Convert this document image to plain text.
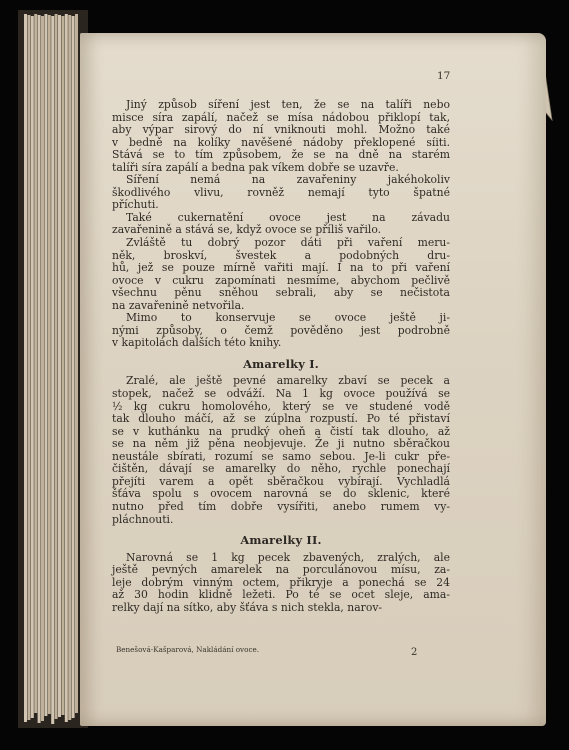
17
Jiný způsob síření jest ten, že se na talíři nebo
misce síra zapálí, načež se mísa nádobou přiklopí tak,
aby výpar sirový do ní vniknouti mohl. Možno také
v bedně na kolíky navěšené nádoby překlopené síiti.
Stává se to tím způsobem, že se na dně na starém
talíři síra zapálí a bedna pak víkem dobře se uzavře.
Síření nemá na zavařeniny jakéhokoliv
škodlivého vlivu, rovněž nemají tyto špatné
příchuti.
Také cukernatění ovoce jest na závadu
zavařenině a stává se, když ovoce se příliš vařilo.
Zvláště tu dobrý pozor dáti při vaření meru-
něk, broskví, švestek a podobných dru-
hů, jež se pouze mírně vařiti mají. I na to při vaření
ovoce v cukru zapomínati nesmíme, abychom pečlivě
všechnu pěnu sněhou sebrali, aby se nečistota
na zavařenině netvořila.
Mimo to konservuje se ovoce ještě ji-
nými způsoby, o čemž pověděno jest podrobně
v kapitolách dalších této knihy.
Amarelky I.
Zralé, ale ještě pevné amarelky zbaví se pecek a
stopek, načež se odváží. Na 1 kg ovoce používá se
½ kg cukru homolového, který se ve studené vodě
tak dlouho máčí, až se zúplna rozpustí. Po té přistaví
se v kuthánku na prudký oheň a čistí tak dlouho, až
se na něm již pěna neobjevuje. Že ji nutno sběračkou
neustále sbírati, rozumí se samo sebou. Je-li cukr pře-
čištěn, dávají se amarelky do něho, rychle ponechají
přejíti varem a opět sběračkou vybírají. Vychladlá
šťáva spolu s ovocem narovná se do sklenic, které
nutno před tím dobře vysířiti, anebo rumem vy-
pláchnouti.
Amarelky II.
Narovná se 1 kg pecek zbavených, zralých, ale
ještě pevných amarelek na porculánovou mísu, za-
leje dobrým vinným octem, přikryje a ponechá se 24
až 30 hodin klidně ležeti. Po té se ocet sleje, ama-
relky dají na sítko, aby šťáva s nich stekla, narov-
Benešová-Kašparová, Nakládání ovoce.	2
